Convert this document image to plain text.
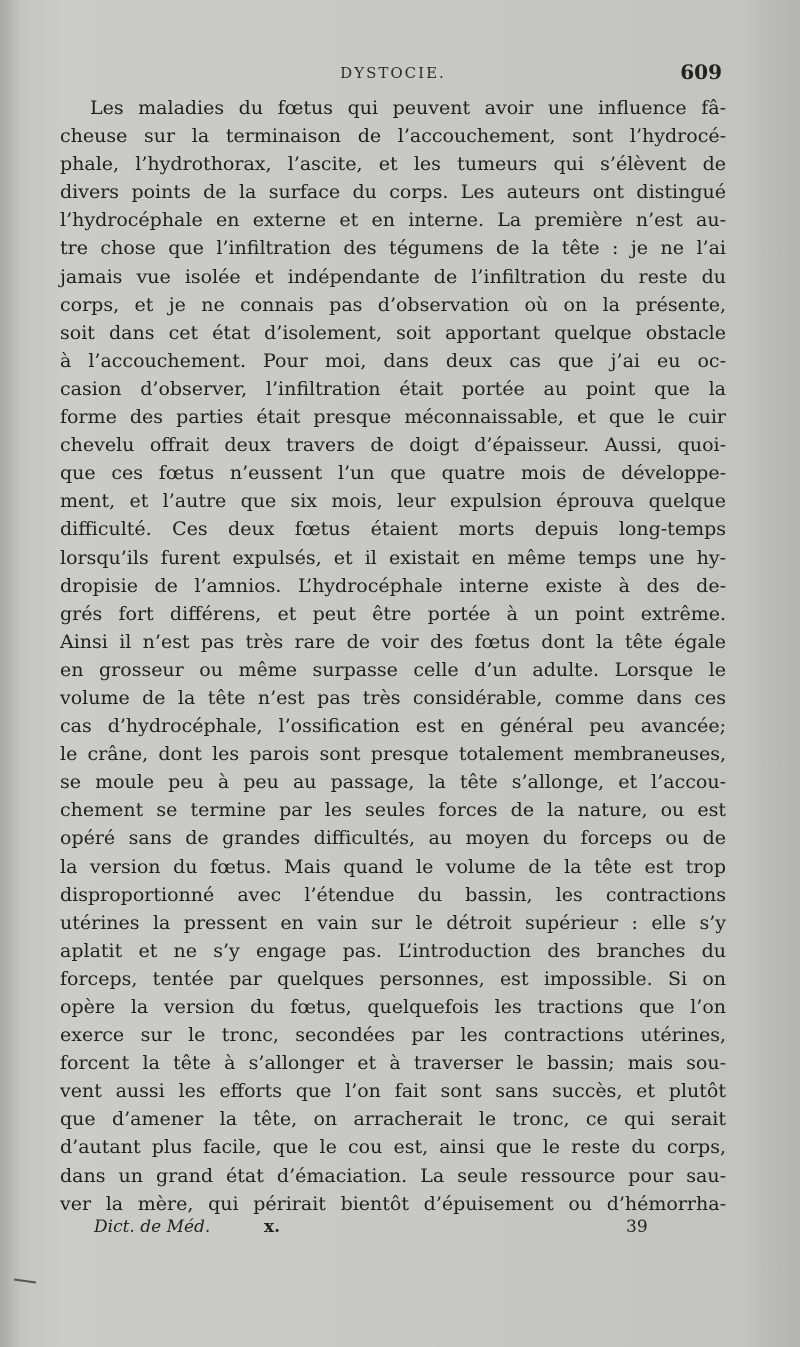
DYSTOCIE.	609
Les maladies du fœtus qui peuvent avoir une influence fâ-
cheuse sur la terminaison de l’accouchement, sont l’hydrocé-
phale, l’hydrothorax, l’ascite, et les tumeurs qui s’élèvent de
divers points de la surface du corps. Les auteurs ont distingué
l’hydrocéphale en externe et en interne. La première n’est au-
tre chose que l’infiltration des tégumens de la tête : je ne l’ai
jamais vue isolée et indépendante de l’infiltration du reste du
corps, et je ne connais pas d’observation où on la présente,
soit dans cet état d’isolement, soit apportant quelque obstacle
à l’accouchement. Pour moi, dans deux cas que j’ai eu oc-
casion d’observer, l’infiltration était portée au point que la
forme des parties était presque méconnaissable, et que le cuir
chevelu offrait deux travers de doigt d’épaisseur. Aussi, quoi-
que ces fœtus n’eussent l’un que quatre mois de développe-
ment, et l’autre que six mois, leur expulsion éprouva quelque
difficulté. Ces deux fœtus étaient morts depuis long-temps
lorsqu’ils furent expulsés, et il existait en même temps une hy-
dropisie de l’amnios. L’hydrocéphale interne existe à des de-
grés fort différens, et peut être portée à un point extrême.
Ainsi il n’est pas très rare de voir des fœtus dont la tête égale
en grosseur ou même surpasse celle d’un adulte. Lorsque le
volume de la tête n’est pas très considérable, comme dans ces
cas d’hydrocéphale, l’ossification est en général peu avancée;
le crâne, dont les parois sont presque totalement membraneuses,
se moule peu à peu au passage, la tête s’allonge, et l’accou-
chement se termine par les seules forces de la nature, ou est
opéré sans de grandes difficultés, au moyen du forceps ou de
la version du fœtus. Mais quand le volume de la tête est trop
disproportionné avec l’étendue du bassin, les contractions
utérines la pressent en vain sur le détroit supérieur : elle s’y
aplatit et ne s’y engage pas. L’introduction des branches du
forceps, tentée par quelques personnes, est impossible. Si on
opère la version du fœtus, quelquefois les tractions que l’on
exerce sur le tronc, secondées par les contractions utérines,
forcent la tête à s’allonger et à traverser le bassin; mais sou-
vent aussi les efforts que l’on fait sont sans succès, et plutôt
que d’amener la tête, on arracherait le tronc, ce qui serait
d’autant plus facile, que le cou est, ainsi que le reste du corps,
dans un grand état d’émaciation. La seule ressource pour sau-
ver la mère, qui périrait bientôt d’épuisement ou d’hémorrha-
Dict. de Méd.	x.	39
